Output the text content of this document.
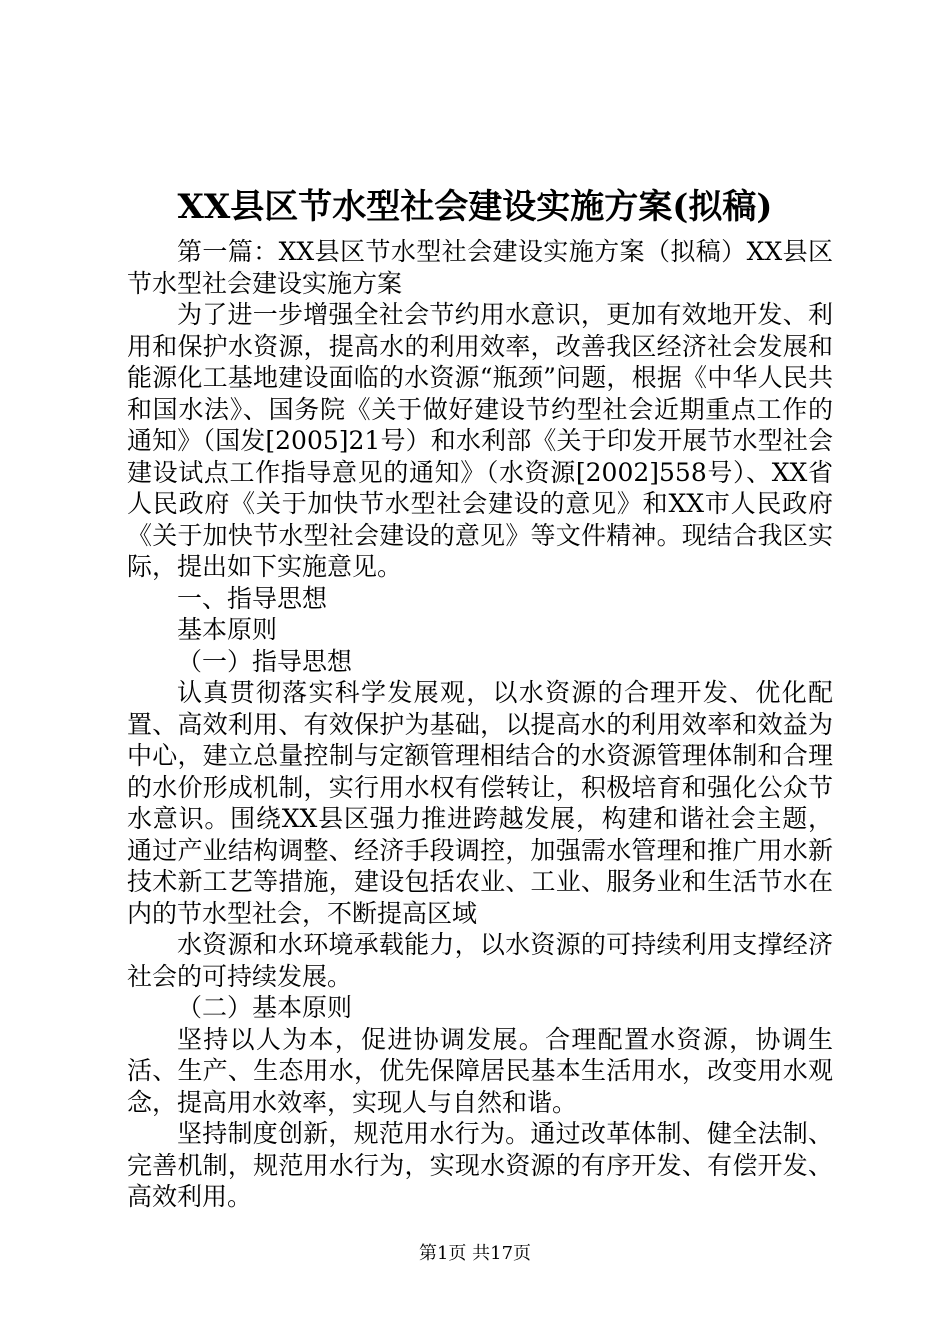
XX县区节水型社会建设实施方案(拟稿)

第一篇：XX县区节水型社会建设实施方案（拟稿）XX县区节水型社会建设实施方案

为了进一步增强全社会节约用水意识，更加有效地开发、利用和保护水资源，提高水的利用效率，改善我区经济社会发展和能源化工基地建设面临的水资源“瓶颈”问题，根据《中华人民共和国水法》、国务院《关于做好建设节约型社会近期重点工作的通知》（国发[2005]21号）和水利部《关于印发开展节水型社会建设试点工作指导意见的通知》（水资源[2002]558号）、XX省人民政府《关于加快节水型社会建设的意见》和XX市人民政府《关于加快节水型社会建设的意见》等文件精神。现结合我区实际，提出如下实施意见。

一、指导思想

基本原则

（一）指导思想

认真贯彻落实科学发展观，以水资源的合理开发、优化配置、高效利用、有效保护为基础，以提高水的利用效率和效益为中心，建立总量控制与定额管理相结合的水资源管理体制和合理的水价形成机制，实行用水权有偿转让，积极培育和强化公众节水意识。围绕XX县区强力推进跨越发展，构建和谐社会主题，通过产业结构调整、经济手段调控，加强需水管理和推广用水新技术新工艺等措施，建设包括农业、工业、服务业和生活节水在内的节水型社会，不断提高区域

水资源和水环境承载能力，以水资源的可持续利用支撑经济社会的可持续发展。

（二）基本原则

坚持以人为本，促进协调发展。合理配置水资源，协调生活、生产、生态用水，优先保障居民基本生活用水，改变用水观念，提高用水效率，实现人与自然和谐。

坚持制度创新，规范用水行为。通过改革体制、健全法制、完善机制，规范用水行为，实现水资源的有序开发、有偿开发、高效利用。

第1页 共17页
